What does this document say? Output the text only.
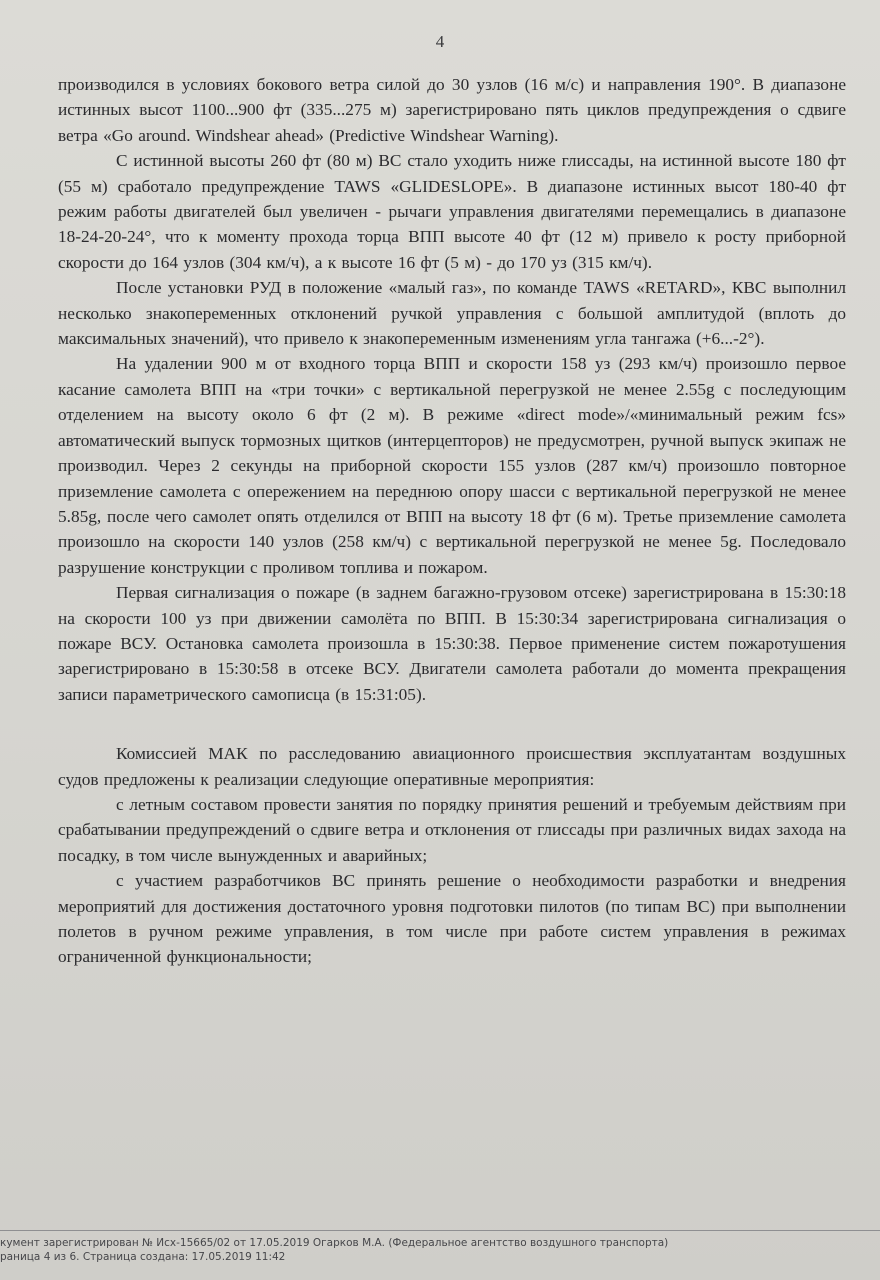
4

производился в условиях бокового ветра силой до 30 узлов (16 м/с) и направления 190°. В диапазоне истинных высот 1100...900 фт (335...275 м) зарегистрировано пять циклов предупреждения о сдвиге ветра «Go around. Windshear ahead» (Predictive Windshear Warning).

С истинной высоты 260 фт (80 м) ВС стало уходить ниже глиссады, на истинной высоте 180 фт (55 м) сработало предупреждение TAWS «GLIDESLOPE». В диапазоне истинных высот 180-40 фт режим работы двигателей был увеличен - рычаги управления двигателями перемещались в диапазоне 18-24-20-24°, что к моменту прохода торца ВПП высоте 40 фт (12 м) привело к росту приборной скорости до 164 узлов (304 км/ч), а к высоте 16 фт (5 м) - до 170 уз (315 км/ч).

После установки РУД в положение «малый газ», по команде TAWS «RETARD», КВС выполнил несколько знакопеременных отклонений ручкой управления с большой амплитудой (вплоть до максимальных значений), что привело к знакопеременным изменениям угла тангажа (+6...-2°).

На удалении 900 м от входного торца ВПП и скорости 158 уз (293 км/ч) произошло первое касание самолета ВПП на «три точки» с вертикальной перегрузкой не менее 2.55g с последующим отделением на высоту около 6 фт (2 м). В режиме «direct mode»/«минимальный режим fcs» автоматический выпуск тормозных щитков (интерцепторов) не предусмотрен, ручной выпуск экипаж не производил. Через 2 секунды на приборной скорости 155 узлов (287 км/ч) произошло повторное приземление самолета с опережением на переднюю опору шасси с вертикальной перегрузкой не менее 5.85g, после чего самолет опять отделился от ВПП на высоту 18 фт (6 м). Третье приземление самолета произошло на скорости 140 узлов (258 км/ч) с вертикальной перегрузкой не менее 5g. Последовало разрушение конструкции с проливом топлива и пожаром.

Первая сигнализация о пожаре (в заднем багажно-грузовом отсеке) зарегистрирована в 15:30:18 на скорости 100 уз при движении самолёта по ВПП. В 15:30:34 зарегистрирована сигнализация о пожаре ВСУ. Остановка самолета произошла в 15:30:38. Первое применение систем пожаротушения зарегистрировано в 15:30:58 в отсеке ВСУ. Двигатели самолета работали до момента прекращения записи параметрического самописца (в 15:31:05).

Комиссией МАК по расследованию авиационного происшествия эксплуатантам воздушных судов предложены к реализации следующие оперативные мероприятия:

с летным составом провести занятия по порядку принятия решений и требуемым действиям при срабатывании предупреждений о сдвиге ветра и отклонения от глиссады при различных видах захода на посадку, в том числе вынужденных и аварийных;

с участием разработчиков ВС принять решение о необходимости разработки и внедрения мероприятий для достижения достаточного уровня подготовки пилотов (по типам ВС) при выполнении полетов в ручном режиме управления, в том числе при работе систем управления в режимах ограниченной функциональности;

кумент зарегистрирован № Исх-15665/02 от 17.05.2019 Огарков М.А. (Федеральное агентство воздушного транспорта)
раница 4 из 6. Страница создана: 17.05.2019 11:42
